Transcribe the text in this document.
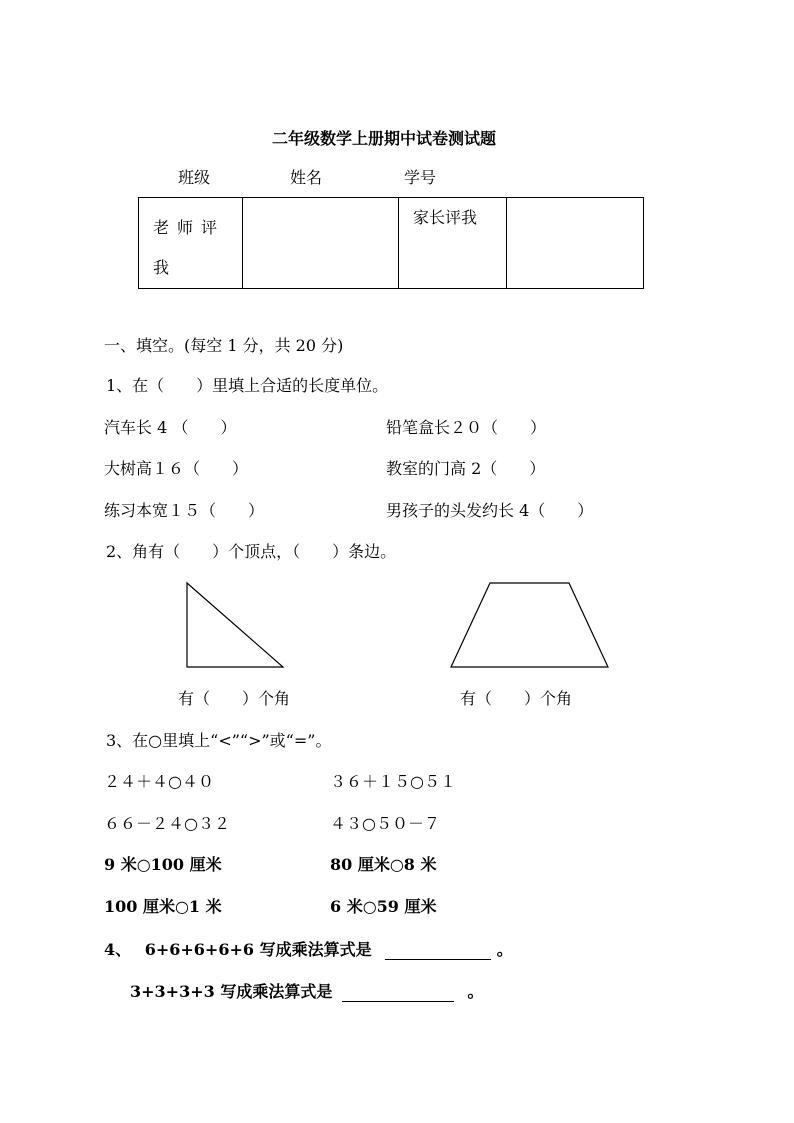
二年级数学上册期中试卷测试题
班级	姓名	学号
老师评
我
		家长评我	
一、填空。(每空 1 分，共 20 分)
1、在（　　）里填上合适的长度单位。
汽车长 4 （　　）	铅笔盒长２０（　　）
大树高１６（　　）	教室的门高 2（　　）
练习本宽１５（　　）	男孩子的头发约长 4（　　）
2、角有（　　）个顶点，（　　）条边。
有（　　）个角	有（　　）个角
3、在○里填上“<”“>”或“=”。
２４＋４○４０	３６＋１５○５１
６６－２４○３２	４３○５０－７
9 米○100 厘米	80 厘米○8 米
100 厘米○1 米	6 米○59 厘米
4、 6+6+6+6+6 写成乘法算式是	。
3+3+3+3 写成乘法算式是	。
